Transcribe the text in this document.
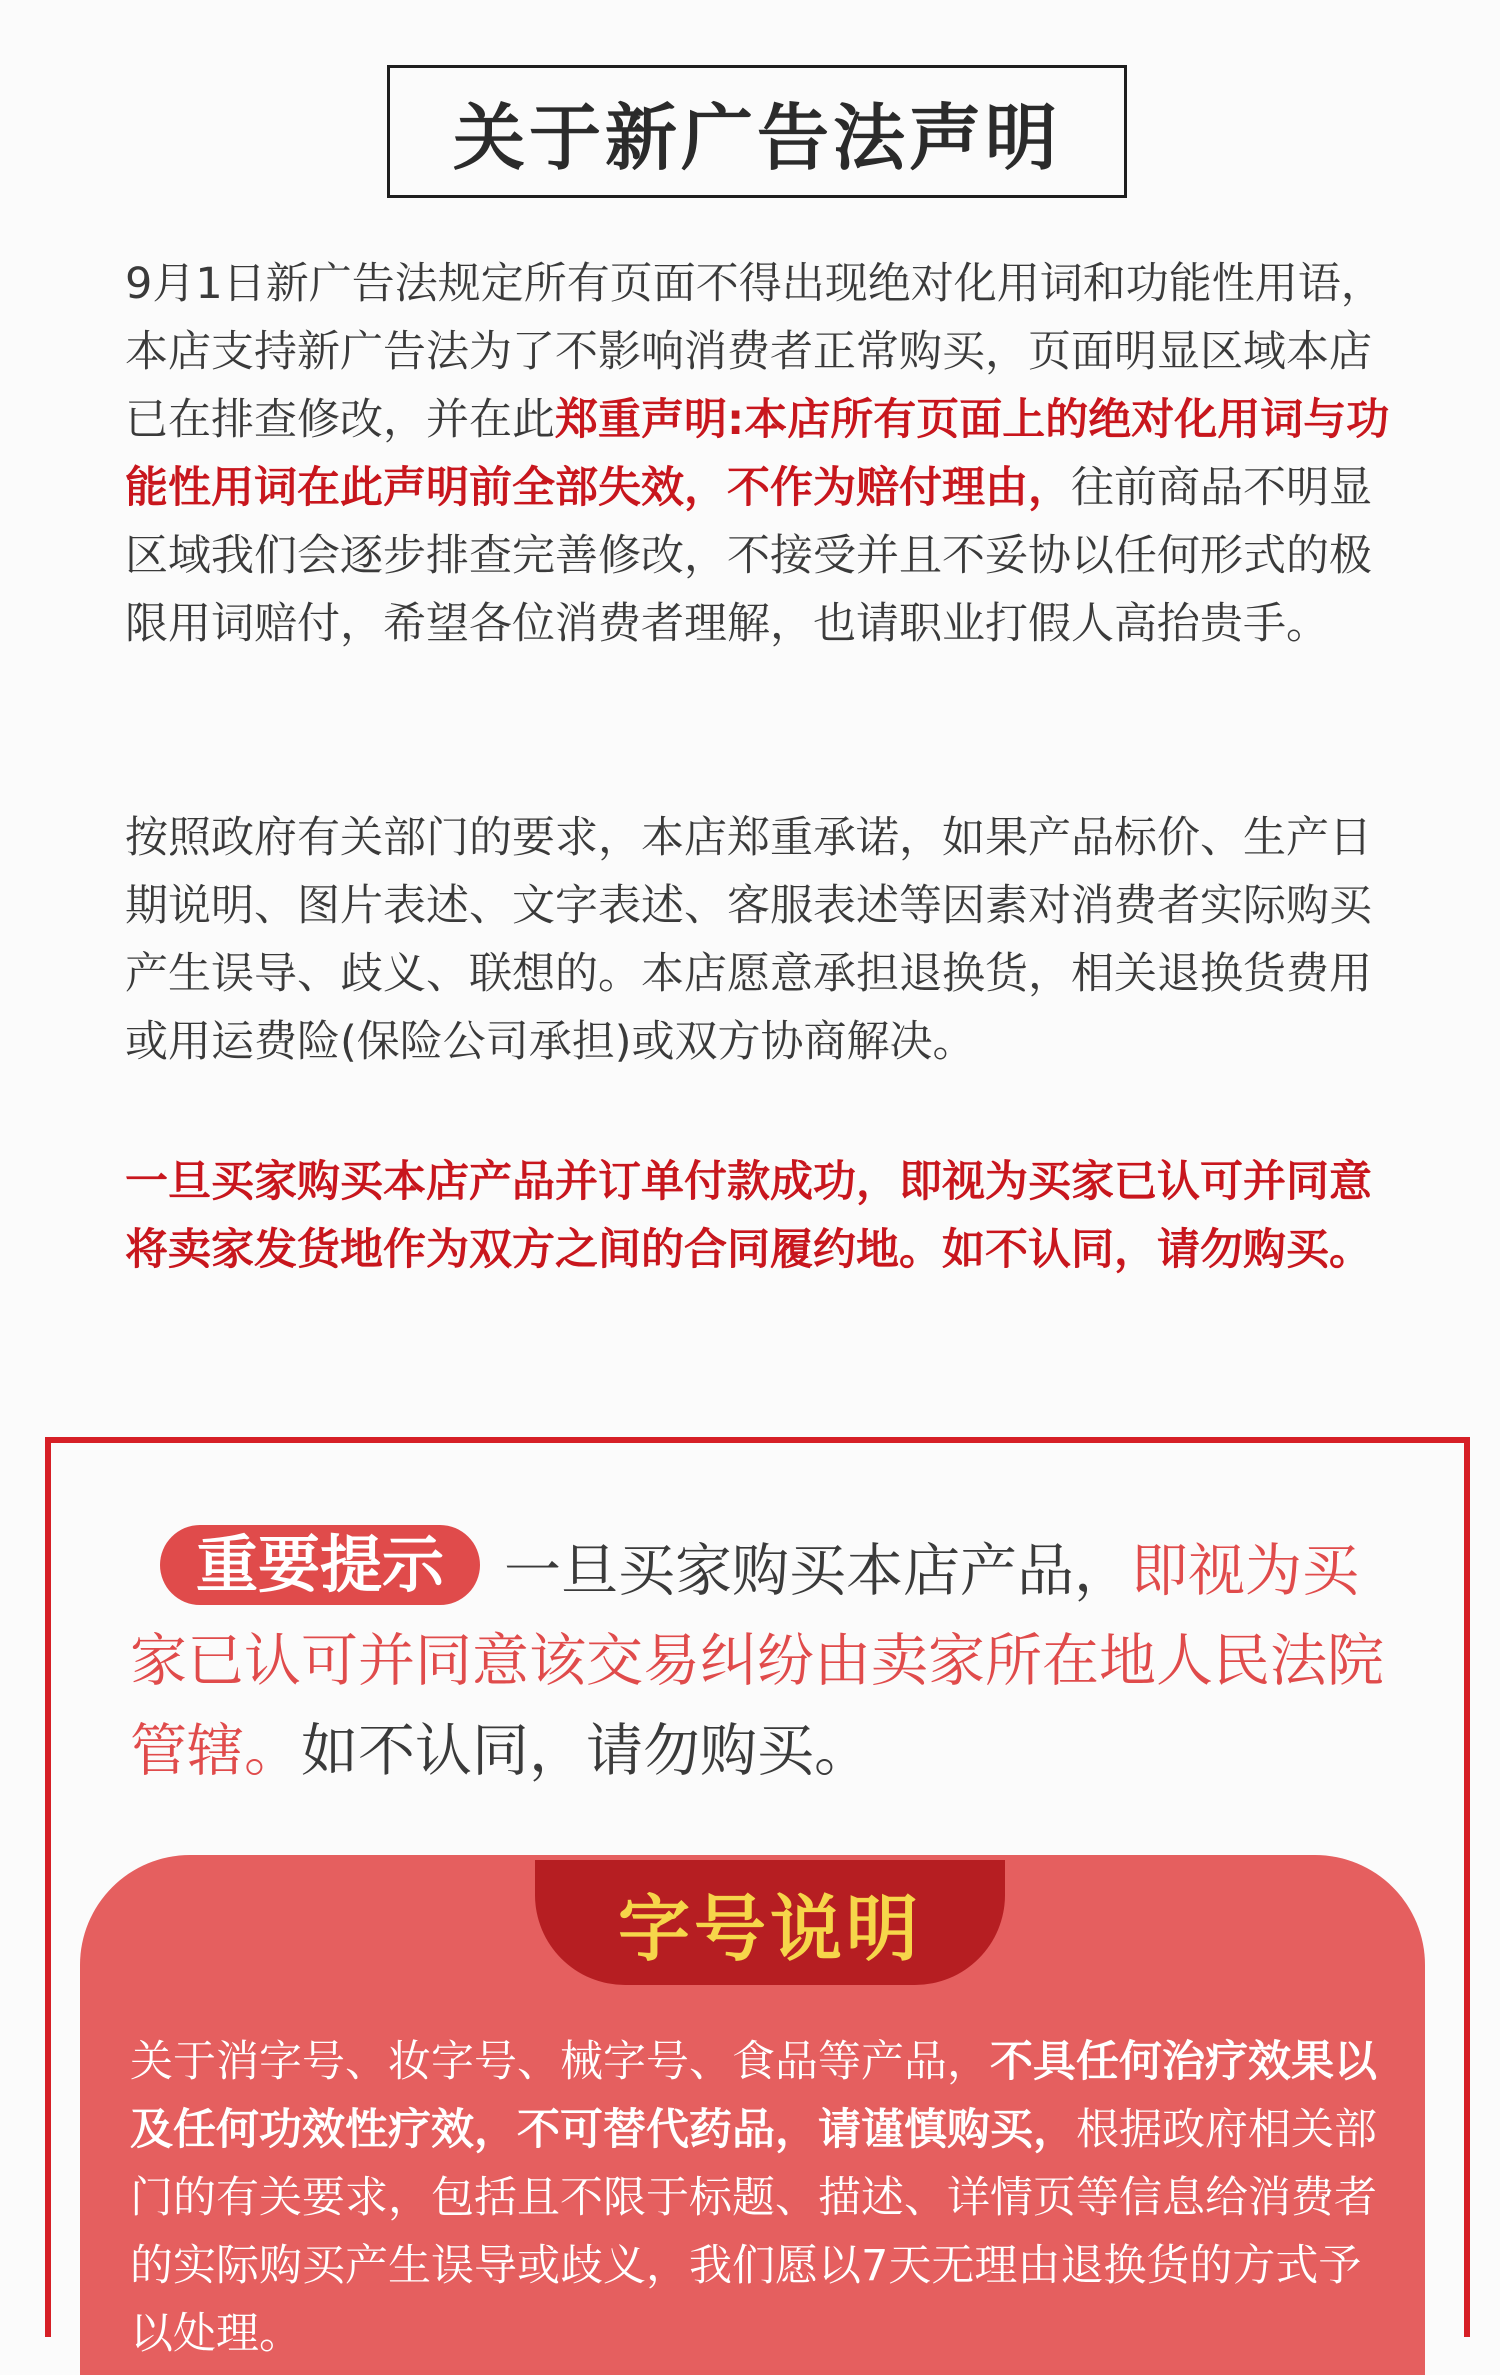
关于新广告法声明

9月1日新广告法规定所有页面不得出现绝对化用词和功能性用语，本店支持新广告法为了不影响消费者正常购买，页面明显区域本店已在排查修改，并在此郑重声明:本店所有页面上的绝对化用词与功能性用词在此声明前全部失效，不作为赔付理由，往前商品不明显区域我们会逐步排查完善修改，不接受并且不妥协以任何形式的极限用词赔付，希望各位消费者理解，也请职业打假人高抬贵手。

按照政府有关部门的要求，本店郑重承诺，如果产品标价、生产日期说明、图片表述、文字表述、客服表述等因素对消费者实际购买产生误导、歧义、联想的。本店愿意承担退换货，相关退换货费用或用运费险(保险公司承担)或双方协商解决。

一旦买家购买本店产品并订单付款成功，即视为买家已认可并同意将卖家发货地作为双方之间的合同履约地。如不认同，请勿购买。

重要提示 一旦买家购买本店产品，即视为买家已认可并同意该交易纠纷由卖家所在地人民法院管辖。如不认同，请勿购买。

字号说明

关于消字号、妆字号、械字号、食品等产品，不具任何治疗效果以及任何功效性疗效，不可替代药品，请谨慎购买，根据政府相关部门的有关要求，包括且不限于标题、描述、详情页等信息给消费者的实际购买产生误导或歧义，我们愿以7天无理由退换货的方式予以处理。
